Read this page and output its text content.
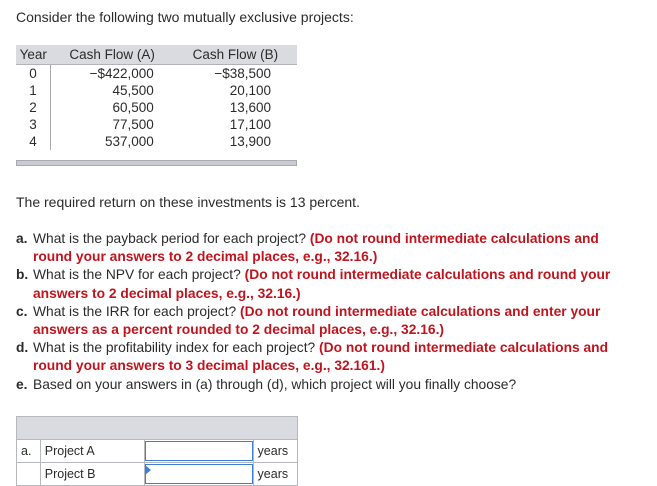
Consider the following two mutually exclusive projects:
Year	Cash Flow (A)	Cash Flow (B)
0	−$422,000	−$38,500
1	45,500	20,100
2	60,500	13,600
3	77,500	17,100
4	537,000	13,900
The required return on these investments is 13 percent.

a. What is the payback period for each project? (Do not round intermediate calculations and round your answers to 2 decimal places, e.g., 32.16.)

b. What is the NPV for each project? (Do not round intermediate calculations and round your answers to 2 decimal places, e.g., 32.16.)

c. What is the IRR for each project? (Do not round intermediate calculations and enter your answers as a percent rounded to 2 decimal places, e.g., 32.16.)

d. What is the profitability index for each project? (Do not round intermediate calculations and round your answers to 3 decimal places, e.g., 32.161.)

e. Based on your answers in (a) through (d), which project will you finally choose?

a.	Project A		years
	Project B		years
